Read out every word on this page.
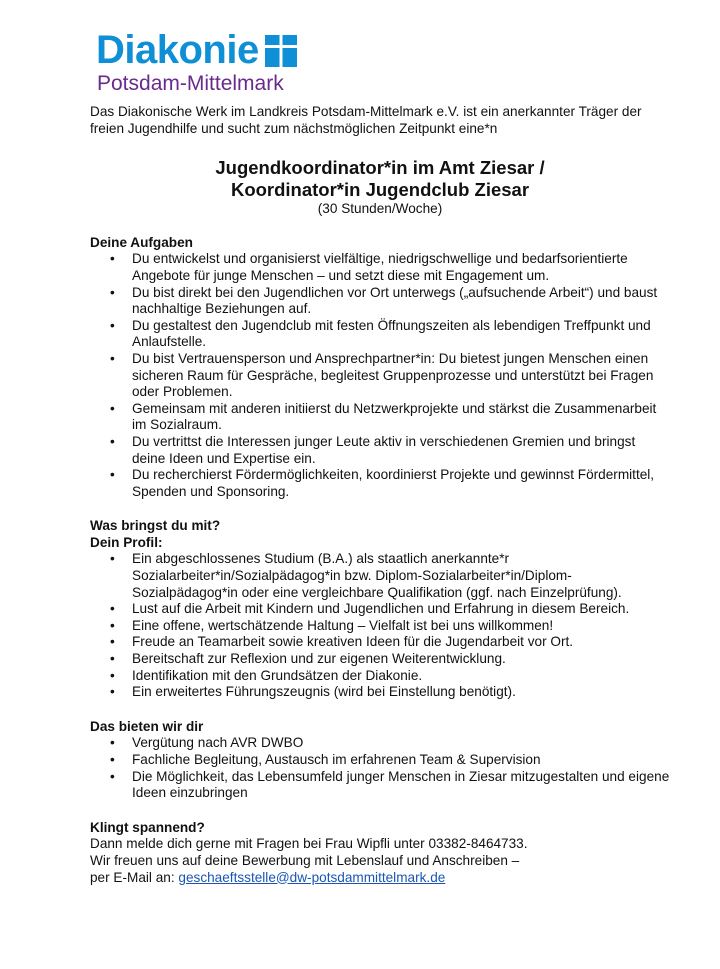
Diakonie
Potsdam-Mittelmark

Das Diakonische Werk im Landkreis Potsdam-Mittelmark e.V. ist ein anerkannter Träger der freien Jugendhilfe und sucht zum nächstmöglichen Zeitpunkt eine*n

Jugendkoordinator*in im Amt Ziesar /
Koordinator*in Jugendclub Ziesar
(30 Stunden/Woche)
Deine Aufgaben
• Du entwickelst und organisierst vielfältige, niedrigschwellige und bedarfsorientierte Angebote für junge Menschen – und setzt diese mit Engagement um.
• Du bist direkt bei den Jugendlichen vor Ort unterwegs („aufsuchende Arbeit“) und baust nachhaltige Beziehungen auf.
• Du gestaltest den Jugendclub mit festen Öffnungszeiten als lebendigen Treffpunkt und Anlaufstelle.
• Du bist Vertrauensperson und Ansprechpartner*in: Du bietest jungen Menschen einen sicheren Raum für Gespräche, begleitest Gruppenprozesse und unterstützt bei Fragen oder Problemen.
• Gemeinsam mit anderen initiierst du Netzwerkprojekte und stärkst die Zusammenarbeit im Sozialraum.
• Du vertrittst die Interessen junger Leute aktiv in verschiedenen Gremien und bringst deine Ideen und Expertise ein.
• Du recherchierst Fördermöglichkeiten, koordinierst Projekte und gewinnst Fördermittel, Spenden und Sponsoring.
Was bringst du mit?
Dein Profil:
• Ein abgeschlossenes Studium (B.A.) als staatlich anerkannte*r Sozialarbeiter*in/Sozialpädagog*in bzw. Diplom-Sozialarbeiter*in/Diplom-Sozialpädagog*in oder eine vergleichbare Qualifikation (ggf. nach Einzelprüfung).
• Lust auf die Arbeit mit Kindern und Jugendlichen und Erfahrung in diesem Bereich.
• Eine offene, wertschätzende Haltung – Vielfalt ist bei uns willkommen!
• Freude an Teamarbeit sowie kreativen Ideen für die Jugendarbeit vor Ort.
• Bereitschaft zur Reflexion und zur eigenen Weiterentwicklung.
• Identifikation mit den Grundsätzen der Diakonie.
• Ein erweitertes Führungszeugnis (wird bei Einstellung benötigt).
Das bieten wir dir
• Vergütung nach AVR DWBO
• Fachliche Begleitung, Austausch im erfahrenen Team & Supervision
• Die Möglichkeit, das Lebensumfeld junger Menschen in Ziesar mitzugestalten und eigene Ideen einzubringen
Klingt spannend?

Dann melde dich gerne mit Fragen bei Frau Wipfli unter 03382-8464733.

Wir freuen uns auf deine Bewerbung mit Lebenslauf und Anschreiben –

per E-Mail an: geschaeftsstelle@dw-potsdammittelmark.de
